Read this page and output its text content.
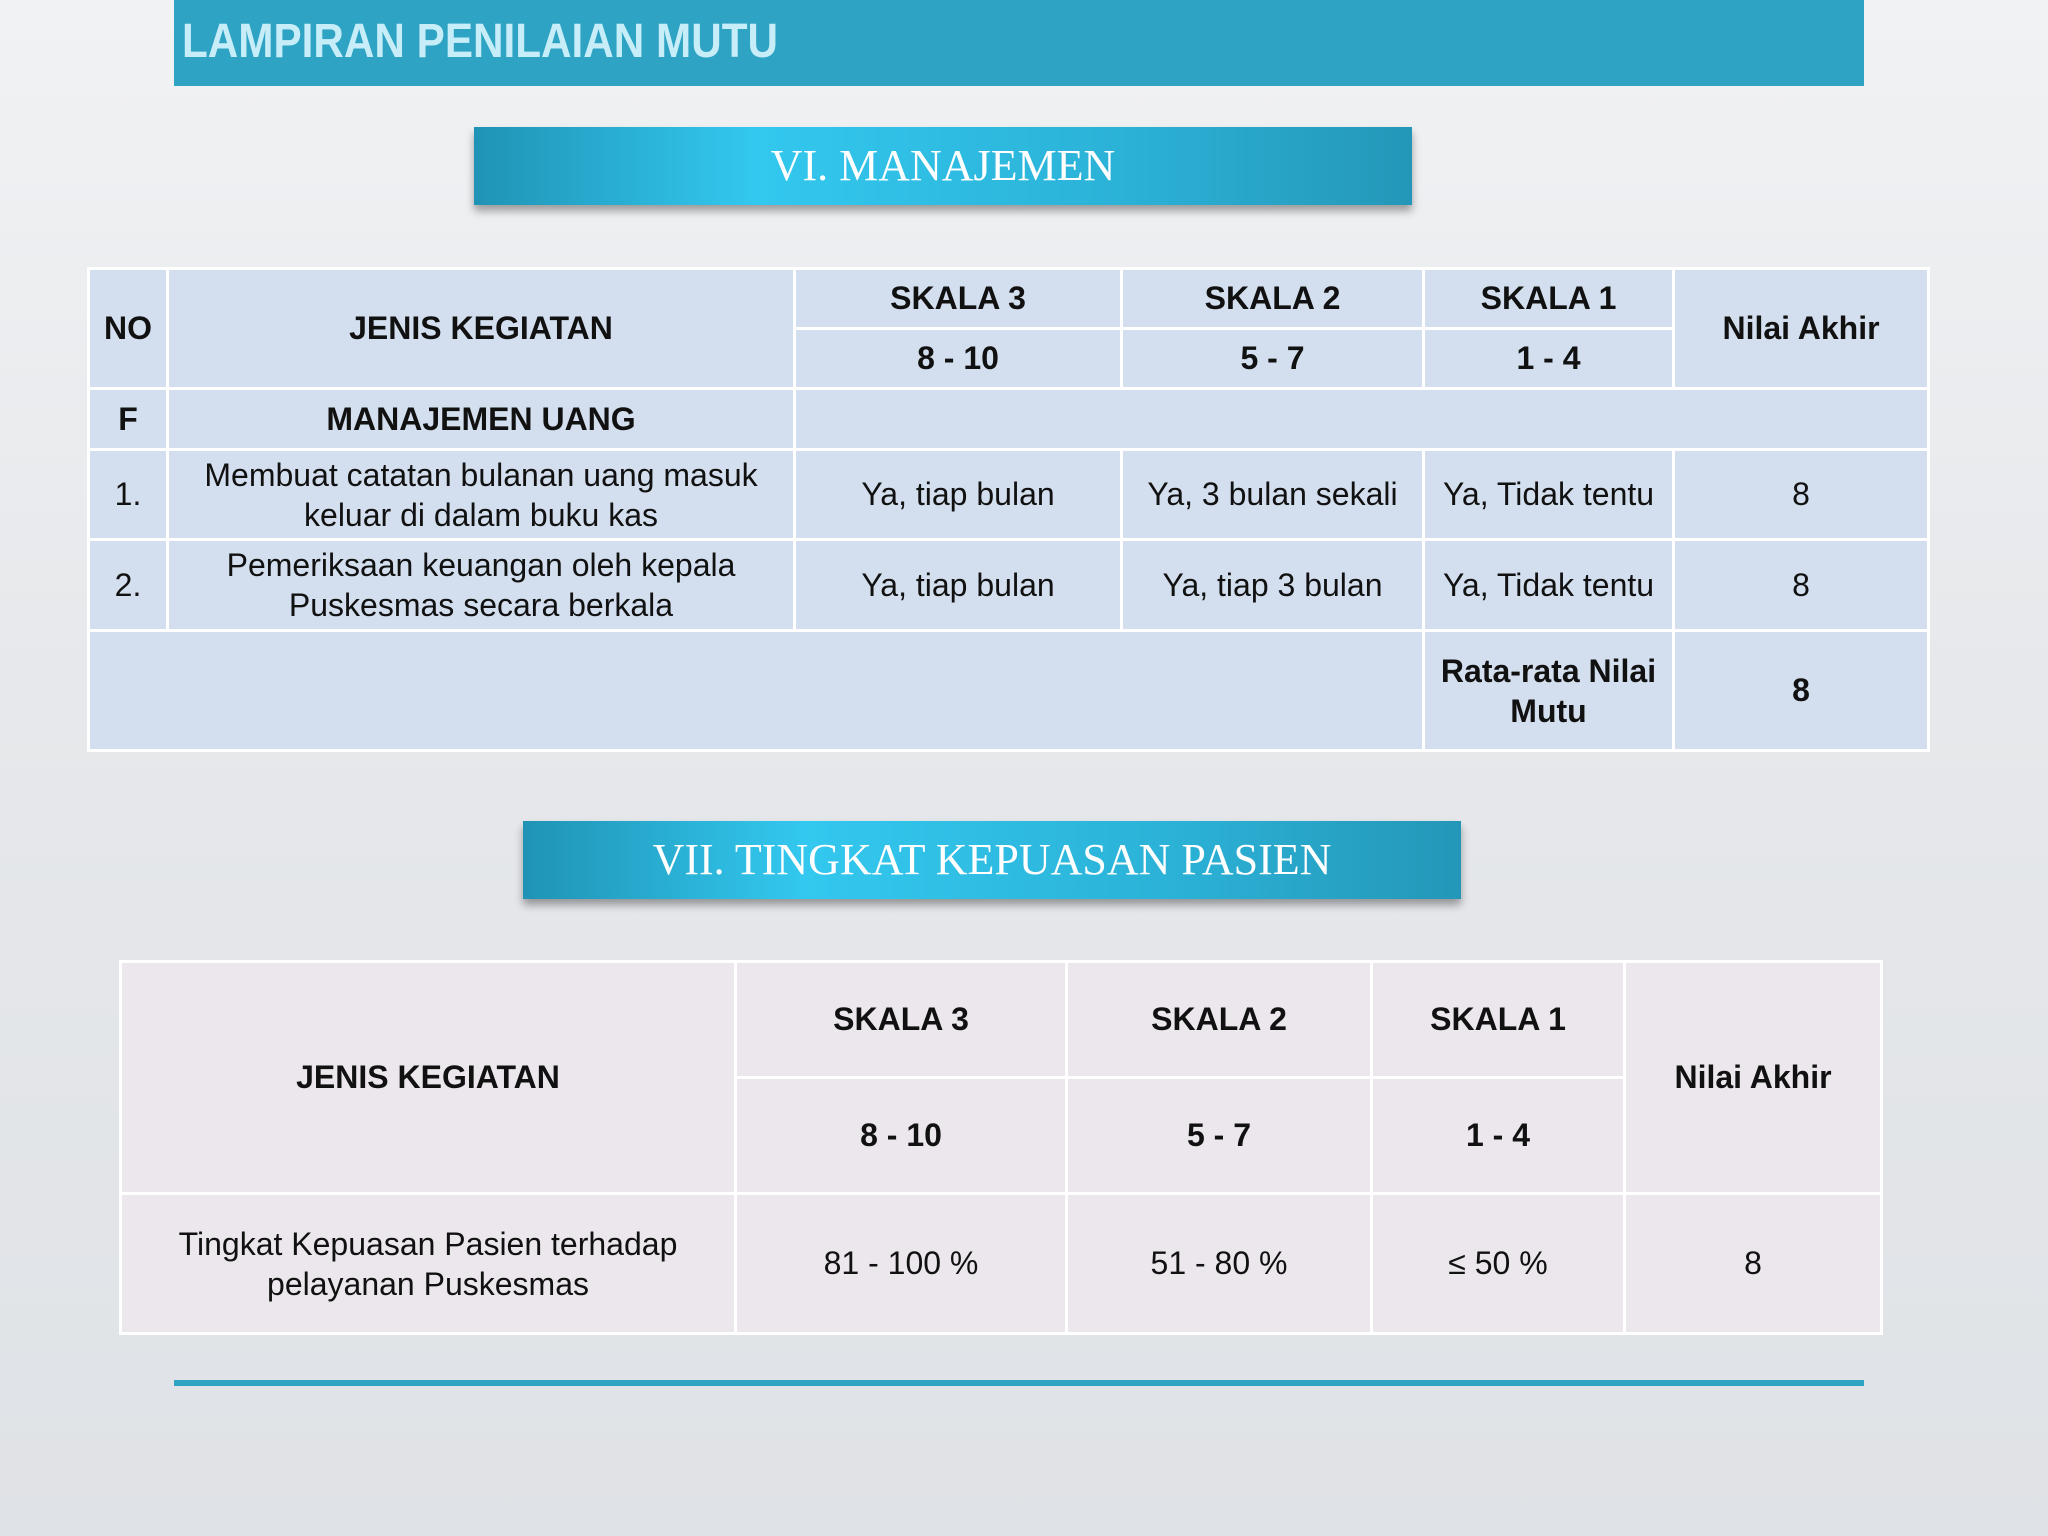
LAMPIRAN PENILAIAN MUTU
VI. MANAJEMEN
NO	JENIS KEGIATAN	SKALA 3	SKALA 2	SKALA 1	Nilai Akhir
		8 - 10	5 - 7	1 - 4	
F	MANAJEMEN UANG				
1.	Membuat catatan bulanan uang masuk keluar di dalam buku kas	Ya, tiap bulan	Ya, 3 bulan sekali	Ya, Tidak tentu	8
2.	Pemeriksaan keuangan oleh kepala Puskesmas secara berkala	Ya, tiap bulan	Ya, tiap 3 bulan	Ya, Tidak tentu	8
				Rata-rata Nilai Mutu	8
VII. TINGKAT KEPUASAN PASIEN
JENIS KEGIATAN	SKALA 3	SKALA 2	SKALA 1	Nilai Akhir
	8 - 10	5 - 7	1 - 4	
Tingkat Kepuasan Pasien terhadap pelayanan Puskesmas	81 - 100 %	51 - 80 %	≤ 50 %	8
